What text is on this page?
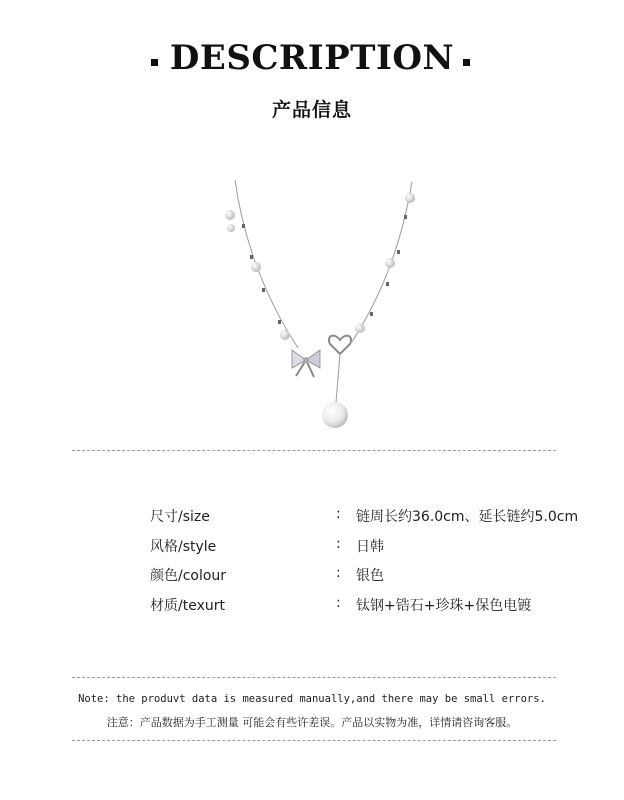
DESCRIPTION
产品信息
尺寸/size	: 链周长约36.0cm、延长链约5.0cm
风格/style	: 日韩
颜色/colour	: 银色
材质/texurt	: 钛钢+锆石+珍珠+保色电镀
Note: the produvt data is measured manually,and there may be small errors.
注意：产品数据为手工测量 可能会有些许差误。产品以实物为准，详情请咨询客服。
